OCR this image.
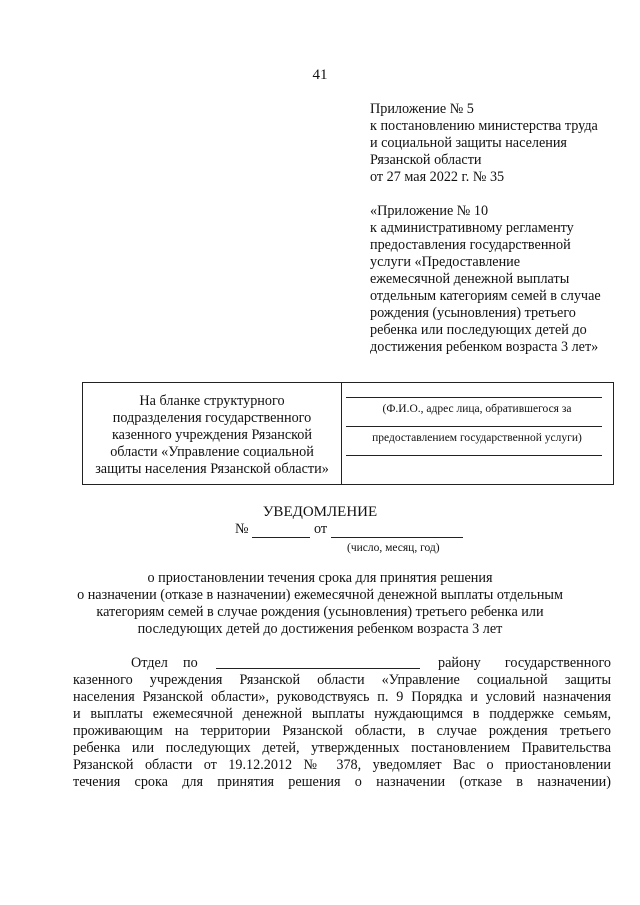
41
Приложение № 5
к постановлению министерства труда
и социальной защиты населения
Рязанской области
от 27 мая 2022 г. № 35
«Приложение № 10
к административному регламенту
предоставления государственной
услуги «Предоставление
ежемесячной денежной выплаты
отдельным категориям семей в случае
рождения (усыновления) третьего
ребенка или последующих детей до
достижения ребенком возраста 3 лет»
На бланке структурного
подразделения государственного
казенного учреждения Рязанской
области «Управление социальной
защиты населения Рязанской области»
(Ф.И.О., адрес лица, обратившегося за
предоставлением государственной услуги)
УВЕДОМЛЕНИЕ
№	от
(число, месяц, год)
о приостановлении течения срока для принятия решения
о назначении (отказе в назначении) ежемесячной денежной выплаты отдельным
категориям семей в случае рождения (усыновления) третьего ребенка или
последующих детей до достижения ребенком возраста 3 лет
Отдел по	району государственного
казенного учреждения Рязанской области «Управление социальной защиты
населения Рязанской области», руководствуясь п. 9 Порядка и условий назначения
и выплаты ежемесячной денежной выплаты нуждающимся в поддержке семьям,
проживающим на территории Рязанской области, в случае рождения третьего
ребенка или последующих детей, утвержденных постановлением Правительства
Рязанской области от 19.12.2012 № 378, уведомляет Вас о приостановлении
течения срока для принятия решения о назначении (отказе в назначении)
